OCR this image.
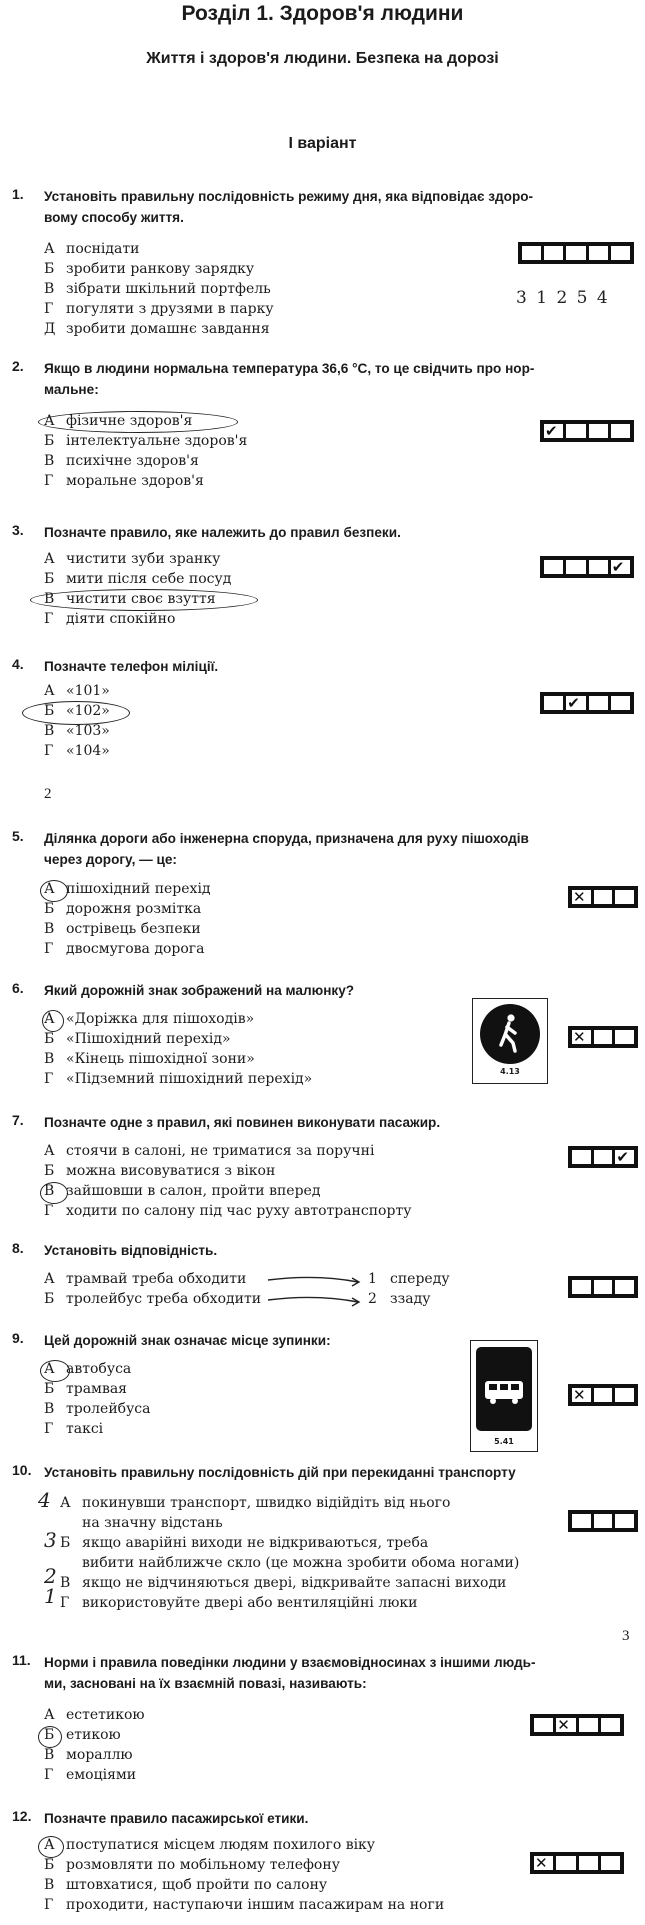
Розділ 1. Здоров'я людини
Життя і здоров'я людини. Безпека на дорозі
І варіант
1. Установіть правильну послідовність режиму дня, яка відповідає здоро-
вому способу життя.
А поснідати
Б зробити ранкову зарядку
В зібрати шкільний портфель
Г погуляти з друзями в парку
Д зробити домашнє завдання
3 1 2 5 4
2. Якщо в людини нормальна температура 36,6 °С, то це свідчить про нор-
мальне:
А фізичне здоров'я
Б інтелектуальне здоров'я
В психічне здоров'я
Г моральне здоров'я
✔
3. Позначте правило, яке належить до правил безпеки.
А чистити зуби зранку
Б мити після себе посуд
В чистити своє взуття
Г діяти спокійно
✔
4. Позначте телефон міліції.
А «101»
Б «102»
В «103»
Г «104»
✔
2
5. Ділянка дороги або інженерна споруда, призначена для руху пішоходів
через дорогу, — це:
А пішохідний перехід
Б дорожня розмітка
В острівець безпеки
Г двосмугова дорога
✕
6. Який дорожній знак зображений на малюнку?
А «Доріжка для пішоходів»
Б «Пішохідний перехід»
В «Кінець пішохідної зони»
Г «Підземний пішохідний перехід»	4.13
✕
7. Позначте одне з правил, які повинен виконувати пасажир.
А стоячи в салоні, не триматися за поручні
Б можна висовуватися з вікон
В зайшовши в салон, пройти вперед
Г ходити по салону під час руху автотранспорту
✔
8. Установіть відповідність.
А трамвай треба обходити
Б тролейбус треба обходити
1 спереду
2 ззаду
9. Цей дорожній знак означає місце зупинки:
А автобуса
Б трамвая
В тролейбуса
Г таксі
5.41
✕
10. Установіть правильну послідовність дій при перекиданні транспорту
4
3
2
1
А покинувши транспорт, швидко відійдіть від нього
на значну відстань
Б якщо аварійні виходи не відкриваються, треба
вибити найближче скло (це можна зробити обома ногами)
В якщо не відчиняються двері, відкривайте запасні виходи
Г використовуйте двері або вентиляційні люки
3
11. Норми і правила поведінки людини у взаємовідносинах з іншими людь-
ми, засновані на їх взаємній повазі, називають:
А естетикою
Б етикою
В мораллю
Г емоціями
✕
12. Позначте правило пасажирської етики.
А поступатися місцем людям похилого віку
Б розмовляти по мобільному телефону
В штовхатися, щоб пройти по салону
Г проходити, наступаючи іншим пасажирам на ноги
✕
